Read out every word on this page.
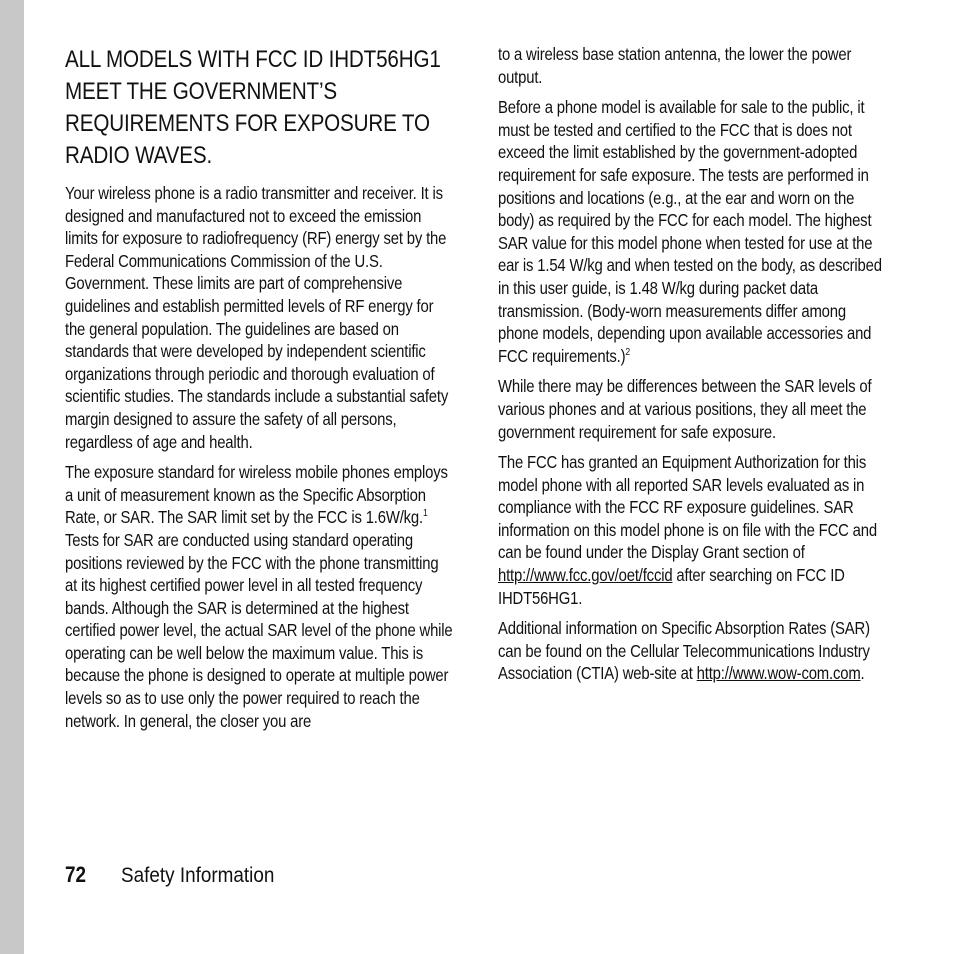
ALL MODELS WITH FCC ID IHDT56HG1 MEET THE GOVERNMENT’S REQUIREMENTS FOR EXPOSURE TO RADIO WAVES.

Your wireless phone is a radio transmitter and receiver. It is designed and manufactured not to exceed the emission limits for exposure to radiofrequency (RF) energy set by the Federal Communications Commission of the U.S. Government. These limits are part of comprehensive guidelines and establish permitted levels of RF energy for the general population. The guidelines are based on standards that were developed by independent scientific organizations through periodic and thorough evaluation of scientific studies. The standards include a substantial safety margin designed to assure the safety of all persons, regardless of age and health.

The exposure standard for wireless mobile phones employs a unit of measurement known as the Specific Absorption Rate, or SAR. The SAR limit set by the FCC is 1.6W/kg.$^1$ Tests for SAR are conducted using standard operating positions reviewed by the FCC with the phone transmitting at its highest certified power level in all tested frequency bands. Although the SAR is determined at the highest certified power level, the actual SAR level of the phone while operating can be well below the maximum value. This is because the phone is designed to operate at multiple power levels so as to use only the power required to reach the network. In general, the closer you are

to a wireless base station antenna, the lower the power output.

Before a phone model is available for sale to the public, it must be tested and certified to the FCC that is does not exceed the limit established by the government-adopted requirement for safe exposure. The tests are performed in positions and locations (e.g., at the ear and worn on the body) as required by the FCC for each model. The highest SAR value for this model phone when tested for use at the ear is 1.54 W/kg and when tested on the body, as described in this user guide, is 1.48 W/kg during packet data transmission. (Body-worn measurements differ among phone models, depending upon available accessories and FCC requirements.)$^2$

While there may be differences between the SAR levels of various phones and at various positions, they all meet the government requirement for safe exposure.

The FCC has granted an Equipment Authorization for this model phone with all reported SAR levels evaluated as in compliance with the FCC RF exposure guidelines. SAR information on this model phone is on file with the FCC and can be found under the Display Grant section of http://www.fcc.gov/oet/fccid after searching on FCC ID IHDT56HG1.

Additional information on Specific Absorption Rates (SAR) can be found on the Cellular Telecommunications Industry Association (CTIA) web-site at http://www.wow-com.com.

72	Safety Information
